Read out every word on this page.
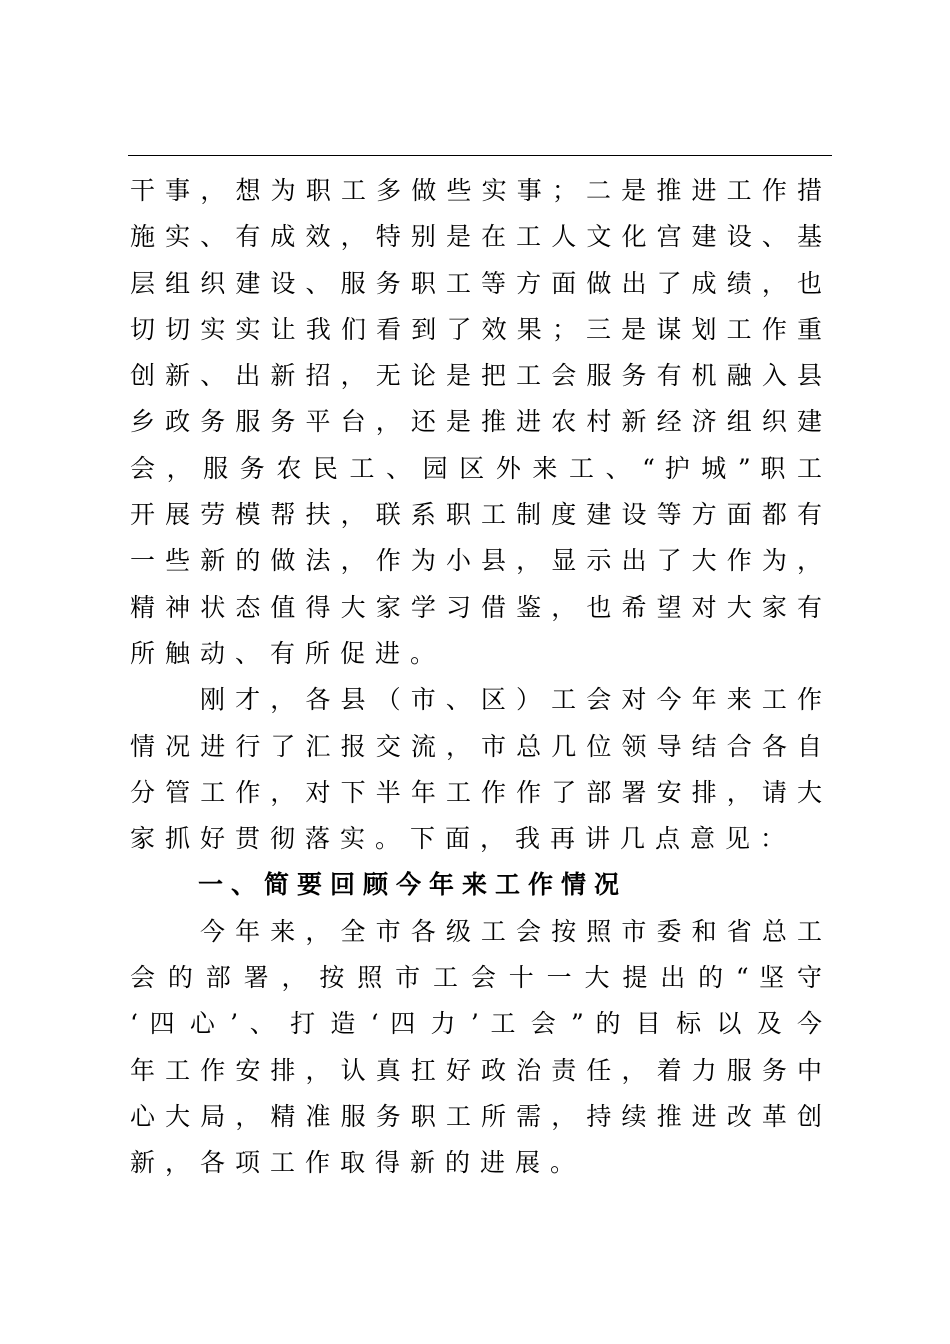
干 事 ， 想 为 职 工 多 做 些 实 事 ； 二 是 推 进 工 作 措
施 实 、 有 成 效 ， 特 别 是 在 工 人 文 化 宫 建 设 、 基
层 组 织 建 设 、 服 务 职 工 等 方 面 做 出 了 成 绩 ， 也
切 切 实 实 让 我 们 看 到 了 效 果 ； 三 是 谋 划 工 作 重
创 新 、 出 新 招 ， 无 论 是 把 工 会 服 务 有 机 融 入 县
乡 政 务 服 务 平 台 ， 还 是 推 进 农 村 新 经 济 组 织 建
会 ， 服 务 农 民 工 、 园 区 外 来 工 、 “ 护 城 ” 职 工
开 展 劳 模 帮 扶 ， 联 系 职 工 制 度 建 设 等 方 面 都 有
一 些 新 的 做 法 ， 作 为 小 县 ， 显 示 出 了 大 作 为 ，
精 神 状 态 值 得 大 家 学 习 借 鉴 ， 也 希 望 对 大 家 有
所触动、有所促进。
刚 才 ， 各 县 （ 市 、 区 ） 工 会 对 今 年 来 工 作
情 况 进 行 了 汇 报 交 流 ， 市 总 几 位 领 导 结 合 各 自
分 管 工 作 ， 对 下 半 年 工 作 作 了 部 署 安 排 ， 请 大
家抓好贯彻落实。下面，我再讲几点意见：
一、简要回顾今年来工作情况
今 年 来 ， 全 市 各 级 工 会 按 照 市 委 和 省 总 工
会 的 部 署 ， 按 照 市 工 会 十 一 大 提 出 的 “ 坚 守
‘ 四 心 ’ 、 打 造 ‘ 四 力 ’ 工 会 ” 的 目 标 以 及 今
年 工 作 安 排 ， 认 真 扛 好 政 治 责 任 ， 着 力 服 务 中
心 大 局 ， 精 准 服 务 职 工 所 需 ， 持 续 推 进 改 革 创
新，各项工作取得新的进展。
